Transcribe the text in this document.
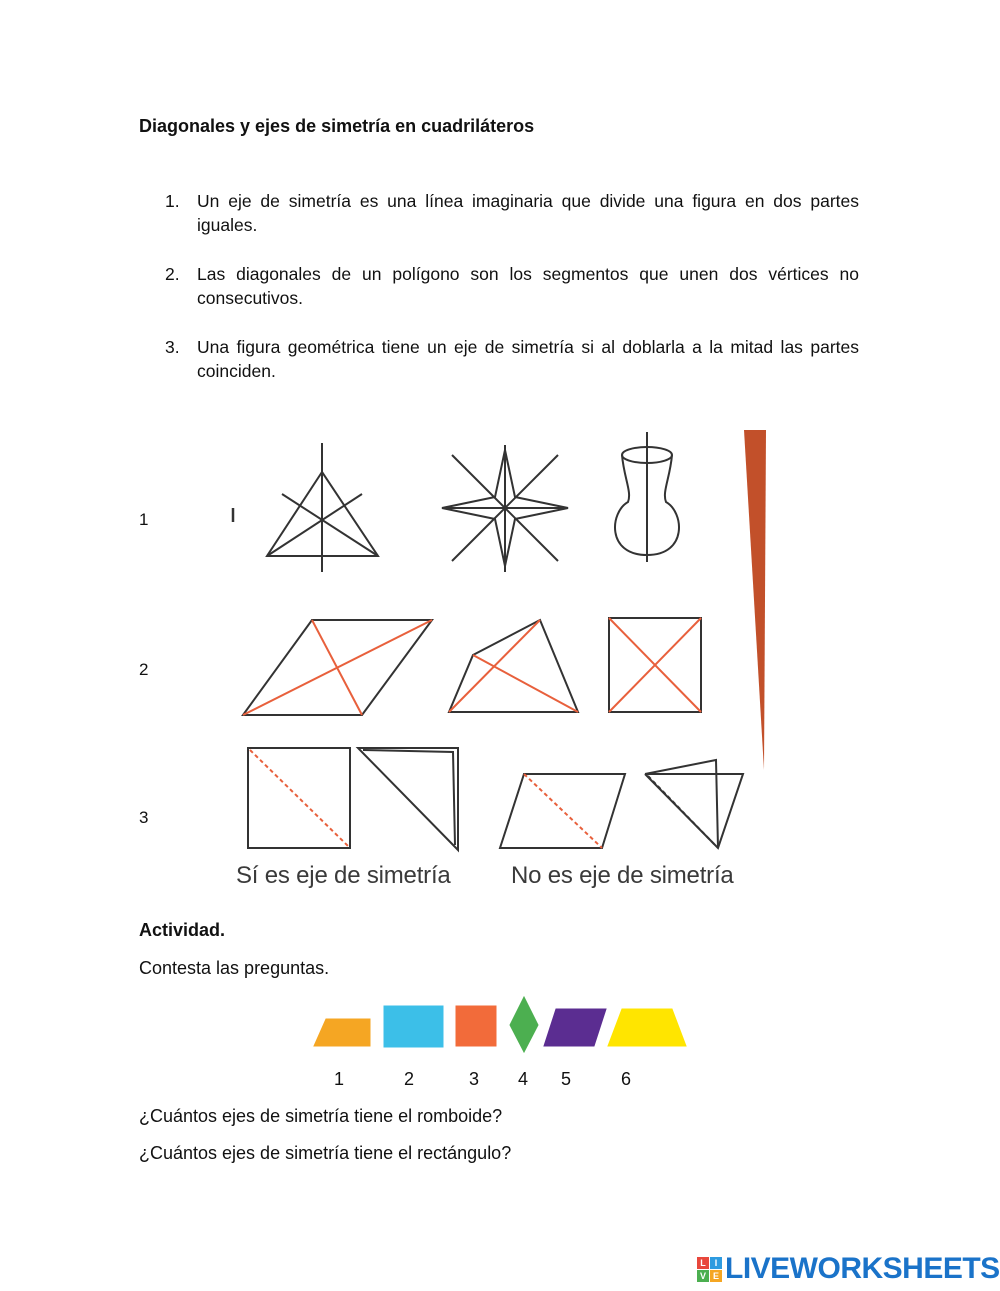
Diagonales y ejes de simetría en cuadriláteros
1. Un eje de simetría es una línea imaginaria que divide una figura en dos partes iguales.
2. Las diagonales de un polígono son los segmentos que unen dos vértices no consecutivos.
3. Una figura geométrica tiene un eje de simetría si al doblarla a la mitad las partes coinciden.
1
2
3
Sí es eje de simetría	No es eje de simetría
Actividad.
Contesta las preguntas.
1	2	3 4 5	6
¿Cuántos ejes de simetría tiene el romboide?
¿Cuántos ejes de simetría tiene el rectángulo?
L I
V E LIVEWORKSHEETS
